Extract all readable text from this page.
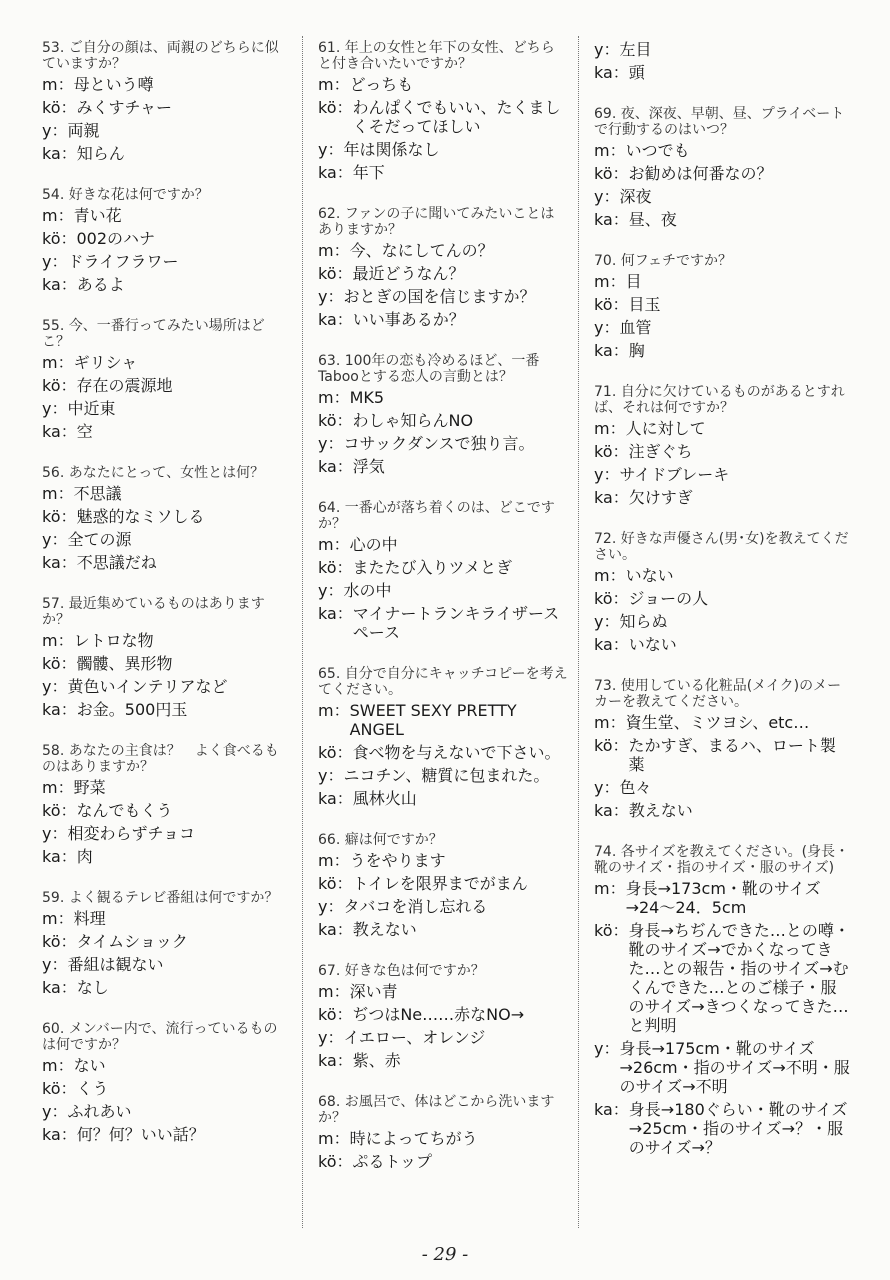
53. ご自分の顔は、両親のどちらに似ていますか？
m： 母という噂
kö： みくすチャー
y： 両親
ka： 知らん
54. 好きな花は何ですか？
m： 青い花
kö： 002のハナ
y： ドライフラワー
ka： あるよ
55. 今、一番行ってみたい場所はどこ？
m： ギリシャ
kö： 存在の震源地
y： 中近東
ka： 空
56. あなたにとって、女性とは何？
m： 不思議
kö： 魅惑的なミソしる
y： 全ての源
ka： 不思議だね
57. 最近集めているものはありますか？
m： レトロな物
kö： 髑髏、異形物
y： 黄色いインテリアなど
ka： お金。500円玉
58. あなたの主食は？　よく食べるものはありますか？
m： 野菜
kö： なんでもくう
y： 相変わらずチョコ
ka： 肉
59. よく観るテレビ番組は何ですか？
m： 料理
kö： タイムショック
y： 番組は観ない
ka： なし
60. メンバー内で、流行っているものは何ですか？
m： ない
kö： くう
y： ふれあい
ka： 何？何？いい話？
61. 年上の女性と年下の女性、どちらと付き合いたいですか？
m： どっちも
kö： わんぱくでもいい、たくましくそだってほしい
y： 年は関係なし
ka： 年下
62. ファンの子に聞いてみたいことはありますか？
m： 今、なにしてんの？
kö： 最近どうなん？
y： おとぎの国を信じますか？
ka： いい事あるか？
63. 100年の恋も冷めるほど、一番Tabooとする恋人の言動とは？
m： MK5
kö： わしゃ知らんNO
y： コサックダンスで独り言。
ka： 浮気
64. 一番心が落ち着くのは、どこですか？
m： 心の中
kö： またたび入りツメとぎ
y： 水の中
ka： マイナートランキライザースペース
65. 自分で自分にキャッチコピーを考えてください。
m： SWEET SEXY PRETTY ANGEL
kö： 食べ物を与えないで下さい。
y： ニコチン、糖質に包まれた。
ka： 風林火山
66. 癖は何ですか？
m： うをやります
kö： トイレを限界までがまん
y： タバコを消し忘れる
ka： 教えない
67. 好きな色は何ですか？
m： 深い青
kö： ぢつはNe……赤なNO→
y： イエロー、オレンジ
ka： 紫、赤
68. お風呂で、体はどこから洗いますか？
m： 時によってちがう
kö： ぷるトップ
y： 左目
ka： 頭
69. 夜、深夜、早朝、昼、プライベートで行動するのはいつ？
m： いつでも
kö： お勧めは何番なの？
y： 深夜
ka： 昼、夜
70. 何フェチですか？
m： 目
kö： 目玉
y： 血管
ka： 胸
71. 自分に欠けているものがあるとすれば、それは何ですか？
m： 人に対して
kö： 注ぎぐち
y： サイドブレーキ
ka： 欠けすぎ
72. 好きな声優さん(男･女)を教えてください。
m： いない
kö： ジョーの人
y： 知らぬ
ka： いない
73. 使用している化粧品(メイク)のメーカーを教えてください。
m： 資生堂、ミツヨシ、etc…
kö： たかすぎ、まるハ、ロート製薬
y： 色々
ka： 教えない
74. 各サイズを教えてください。(身長・靴のサイズ・指のサイズ・服のサイズ)
m： 身長→173cm・靴のサイズ→24～24．5cm
kö： 身長→ちぢんできた…との噂・靴のサイズ→でかくなってきた…との報告・指のサイズ→むくんできた…とのご様子・服のサイズ→きつくなってきた…と判明
y： 身長→175cm・靴のサイズ→26cm・指のサイズ→不明・服のサイズ→不明
ka： 身長→180ぐらい・靴のサイズ→25cm・指のサイズ→？・服のサイズ→？
- 29 -
